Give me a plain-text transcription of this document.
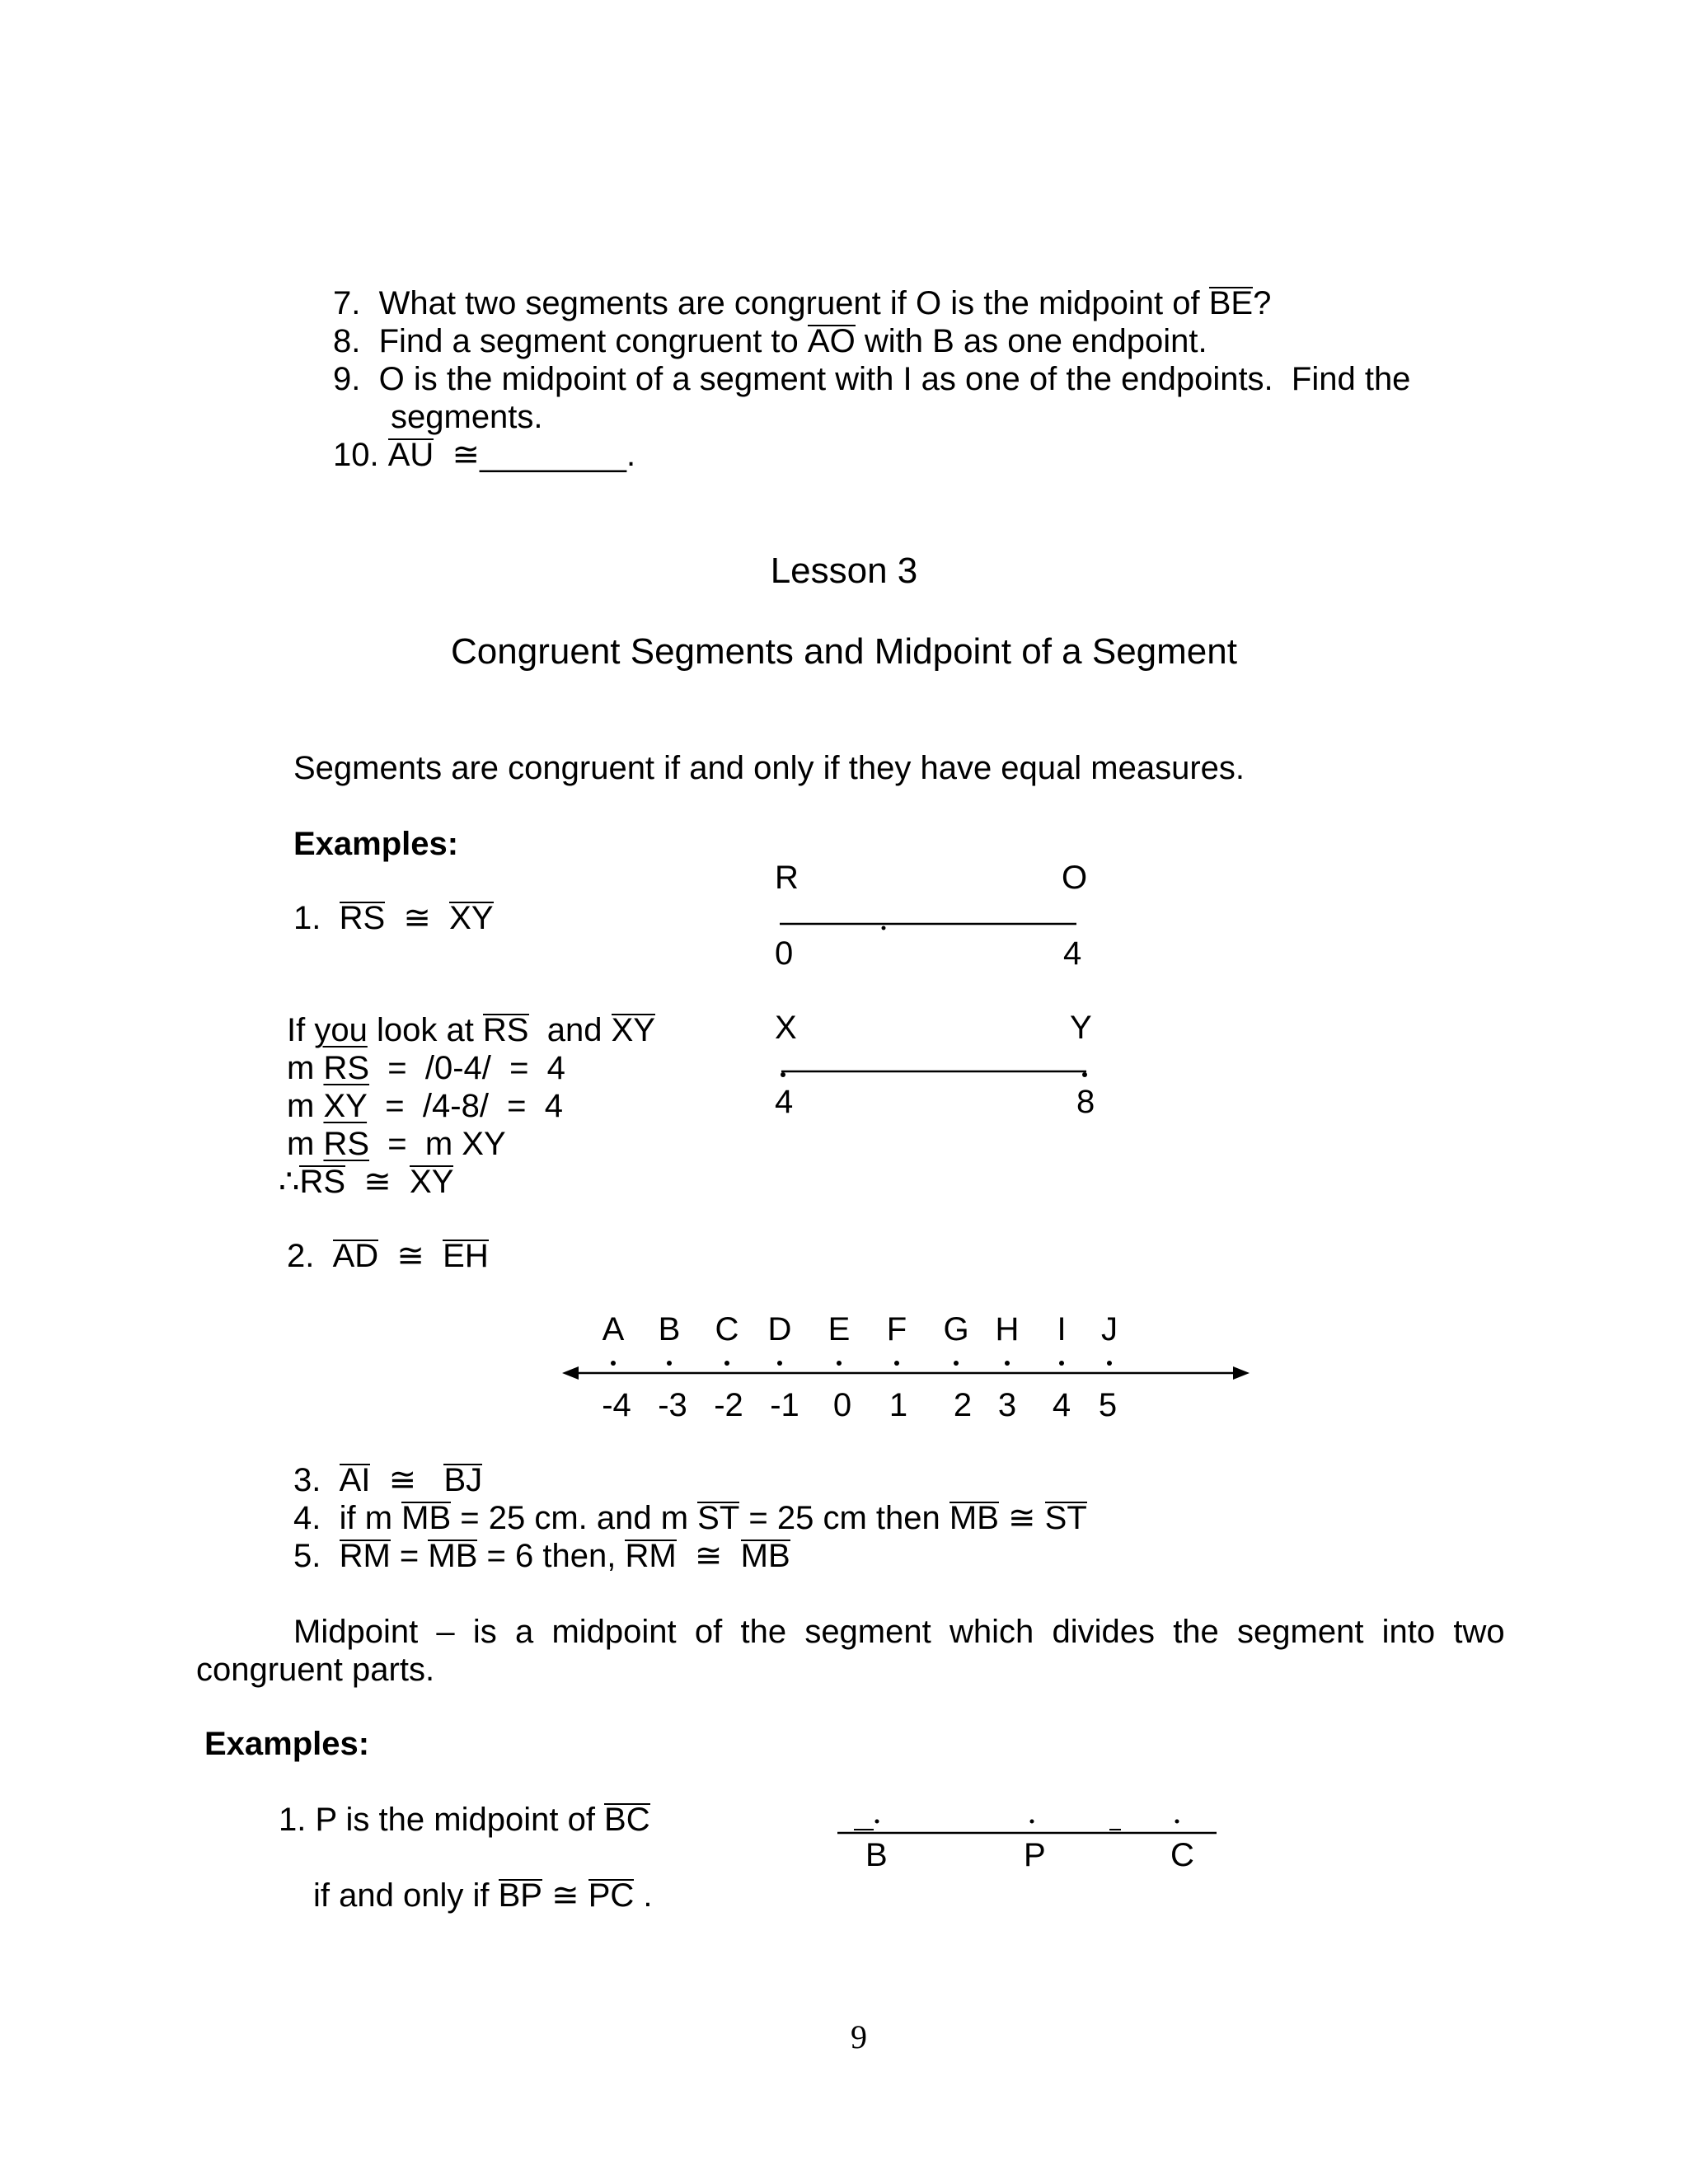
7. What two segments are congruent if O is the midpoint of BE?
8. Find a segment congruent to AO with B as one endpoint.
9. O is the midpoint of a segment with I as one of the endpoints.  Find the
segments.
10. AU ≅________.
Lesson 3
Congruent Segments and Midpoint of a Segment
Segments are congruent if and only if they have equal measures.
Examples:
1. RS ≅ XY
If you look at RS  and XY
m RS  =  /0-4/  =  4
m XY  =  /4-8/  =  4
m RS  =  m XY
∴RS ≅ XY
R	O
0	4
X	Y
4	8
2. AD ≅ EH
A B C D E F G H I J
-4 -3 -2 -1 0 1 2 3 4 5
3. AI ≅ BJ
4. if m MB = 25 cm. and m ST = 25 cm then MB ≅ ST
5. RM = MB = 6 then, RM ≅ MB
Midpoint  –  is  a  midpoint  of  the  segment  which  divides  the  segment  into  two
congruent parts.
Examples:
1. P is the midpoint of BC
if and only if BP ≅ PC .
B	P	C
9
